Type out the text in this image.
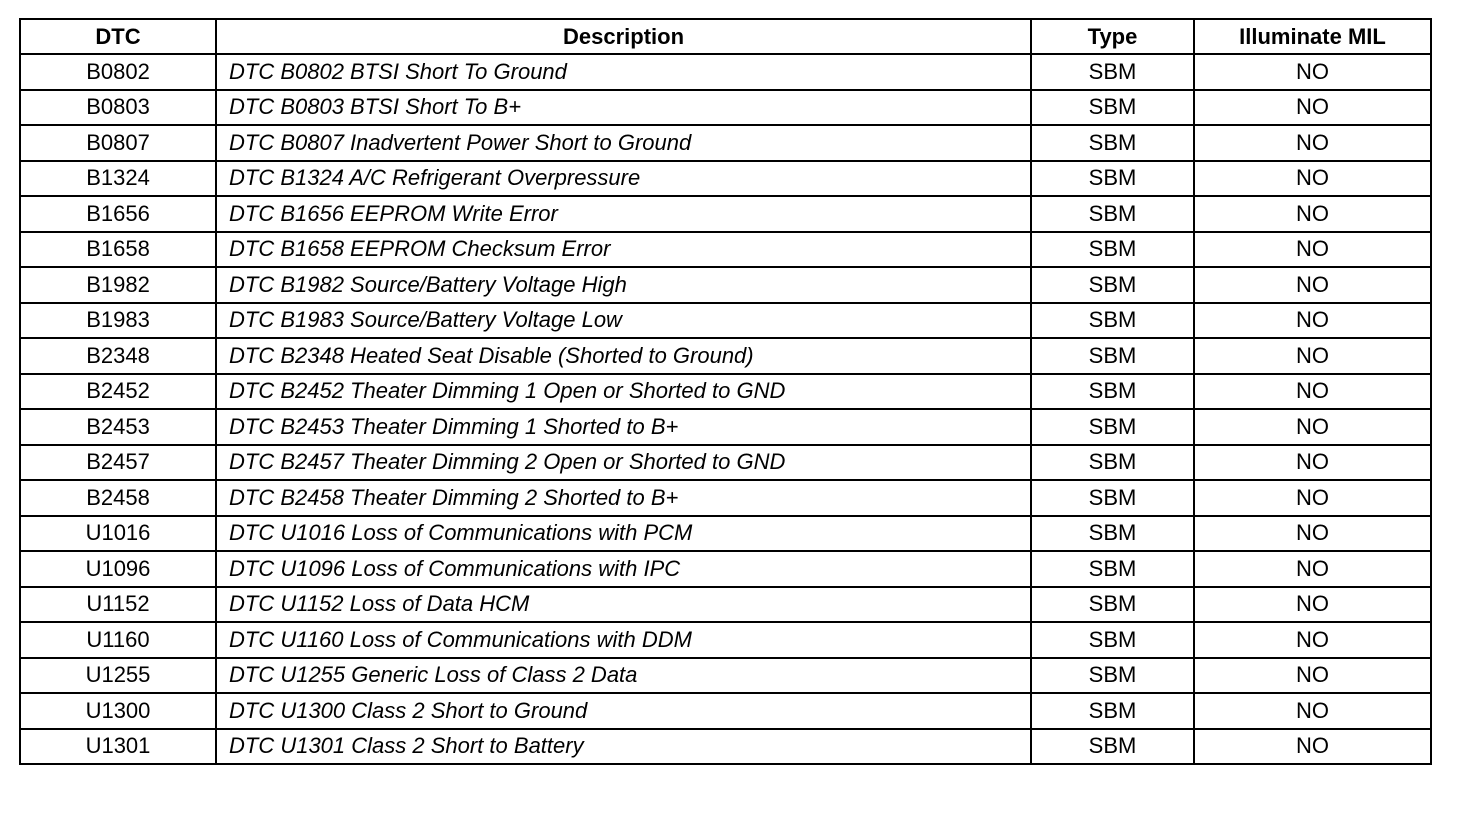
DTC	Description	Type	Illuminate MIL
B0802	DTC B0802 BTSI Short To Ground	SBM	NO
B0803	DTC B0803 BTSI Short To B+	SBM	NO
B0807	DTC B0807 Inadvertent Power Short to Ground	SBM	NO
B1324	DTC B1324 A/C Refrigerant Overpressure	SBM	NO
B1656	DTC B1656 EEPROM Write Error	SBM	NO
B1658	DTC B1658 EEPROM Checksum Error	SBM	NO
B1982	DTC B1982 Source/Battery Voltage High	SBM	NO
B1983	DTC B1983 Source/Battery Voltage Low	SBM	NO
B2348	DTC B2348 Heated Seat Disable (Shorted to Ground)	SBM	NO
B2452	DTC B2452 Theater Dimming 1 Open or Shorted to GND	SBM	NO
B2453	DTC B2453 Theater Dimming 1 Shorted to B+	SBM	NO
B2457	DTC B2457 Theater Dimming 2 Open or Shorted to GND	SBM	NO
B2458	DTC B2458 Theater Dimming 2 Shorted to B+	SBM	NO
U1016	DTC U1016 Loss of Communications with PCM	SBM	NO
U1096	DTC U1096 Loss of Communications with IPC	SBM	NO
U1152	DTC U1152 Loss of Data HCM	SBM	NO
U1160	DTC U1160 Loss of Communications with DDM	SBM	NO
U1255	DTC U1255 Generic Loss of Class 2 Data	SBM	NO
U1300	DTC U1300 Class 2 Short to Ground	SBM	NO
U1301	DTC U1301 Class 2 Short to Battery	SBM	NO
